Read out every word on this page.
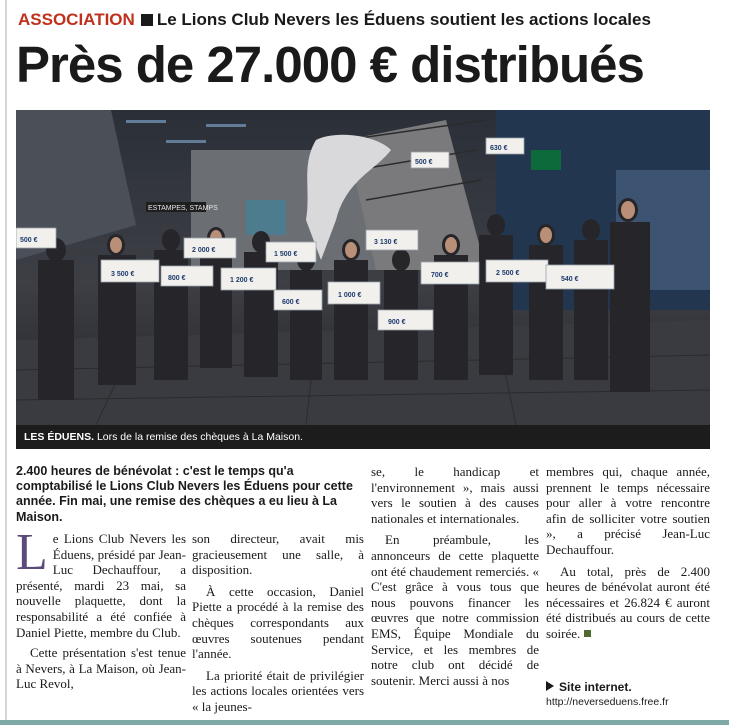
ASSOCIATION Le Lions Club Nevers les Éduens soutient les actions locales
Près de 27.000 € distribués
ESTAMPES, STAMPS
500 €
3 500 €
2 000 €
800 €	1 200 €
1 500 €
600 €
1 000 €
3 130 €
900 €
700 €	2 500 €
540 €
630 €
500 €
LES ÉDUENS. Lors de la remise des chèques à La Maison.
2.400 heures de bénévolat : c'est le temps qu'a comptabilisé le Lions Club Nevers les Éduens pour cette année. Fin mai, une remise des chèques a eu lieu à La Maison.

Le Lions Club Nevers les Éduens, présidé par Jean-Luc Dechauffour, a présenté, mardi 23 mai, sa nouvelle plaquette, dont la responsabilité a été confiée à Daniel Piette, membre du Club.

Cette présentation s'est tenue à Nevers, à La Maison, où Jean-Luc Revol,

son directeur, avait mis gracieusement une salle, à disposition.

À cette occasion, Daniel Piette a procédé à la remise des chèques correspondants aux œuvres soutenues pendant l'année.

La priorité était de privilégier les actions locales orientées vers « la jeunes-

se, le handicap et l'environnement », mais aussi vers le soutien à des causes nationales et internationales.

En préambule, les annonceurs de cette plaquette ont été chaudement remerciés. « C'est grâce à vous tous que nous pouvons financer les œuvres que notre commission EMS, Équipe Mondiale du Service, et les membres de notre club ont décidé de soutenir. Merci aussi à nos

membres qui, chaque année, prennent le temps nécessaire pour aller à votre rencontre afin de solliciter votre soutien », a précisé Jean-Luc Dechauffour.

Au total, près de 2.400 heures de bénévolat auront été nécessaires et 26.824 € auront été distribués au cours de cette soirée.

Site internet.
http://neverseduens.free.fr
